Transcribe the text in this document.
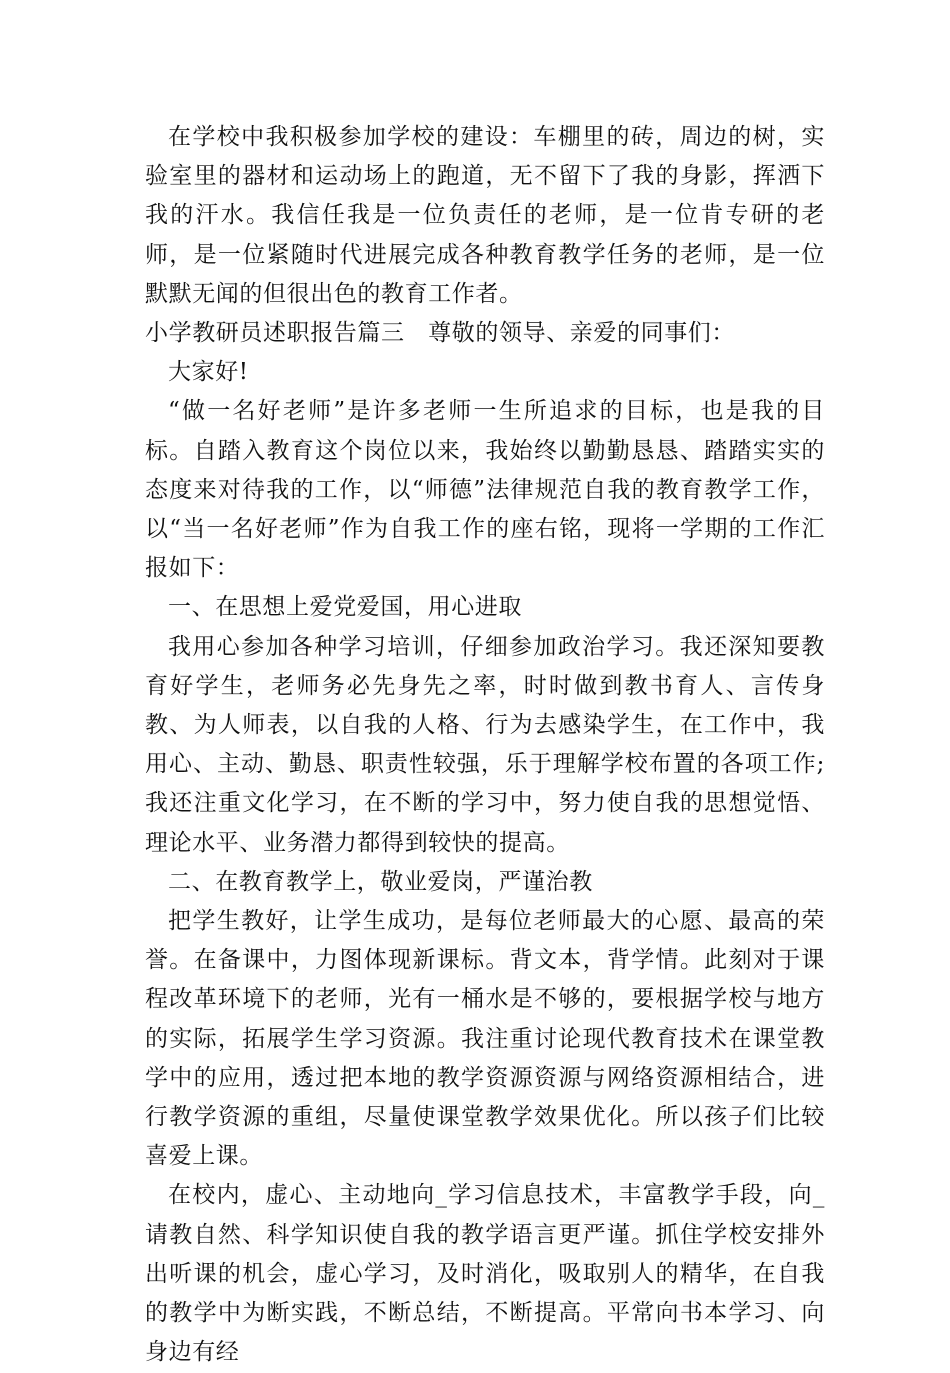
在学校中我积极参加学校的建设：车棚里的砖，周边的树，实验室里的器材和运动场上的跑道，无不留下了我的身影，挥洒下我的汗水。我信任我是一位负责任的老师，是一位肯专研的老师，是一位紧随时代进展完成各种教育教学任务的老师，是一位默默无闻的但很出色的教育工作者。

小学教研员述职报告篇三　尊敬的领导、亲爱的同事们：

大家好!

“做一名好老师”是许多老师一生所追求的目标，也是我的目标。自踏入教育这个岗位以来，我始终以勤勤恳恳、踏踏实实的态度来对待我的工作，以“师德”法律规范自我的教育教学工作，以“当一名好老师”作为自我工作的座右铭，现将一学期的工作汇报如下：

一、在思想上爱党爱国，用心进取

我用心参加各种学习培训，仔细参加政治学习。我还深知要教育好学生，老师务必先身先之率，时时做到教书育人、言传身教、为人师表，以自我的人格、行为去感染学生，在工作中，我用心、主动、勤恳、职责性较强，乐于理解学校布置的各项工作;我还注重文化学习，在不断的学习中，努力使自我的思想觉悟、理论水平、业务潜力都得到较快的提高。

二、在教育教学上，敬业爱岗，严谨治教

把学生教好，让学生成功，是每位老师最大的心愿、最高的荣誉。在备课中，力图体现新课标。背文本，背学情。此刻对于课程改革环境下的老师，光有一桶水是不够的，要根据学校与地方的实际，拓展学生学习资源。我注重讨论现代教育技术在课堂教学中的应用，透过把本地的教学资源资源与网络资源相结合，进行教学资源的重组，尽量使课堂教学效果优化。所以孩子们比较喜爱上课。

在校内，虚心、主动地向_学习信息技术，丰富教学手段，向_请教自然、科学知识使自我的教学语言更严谨。抓住学校安排外出听课的机会，虚心学习，及时消化，吸取别人的精华，在自我的教学中为断实践，不断总结，不断提高。平常向书本学习、向身边有经
